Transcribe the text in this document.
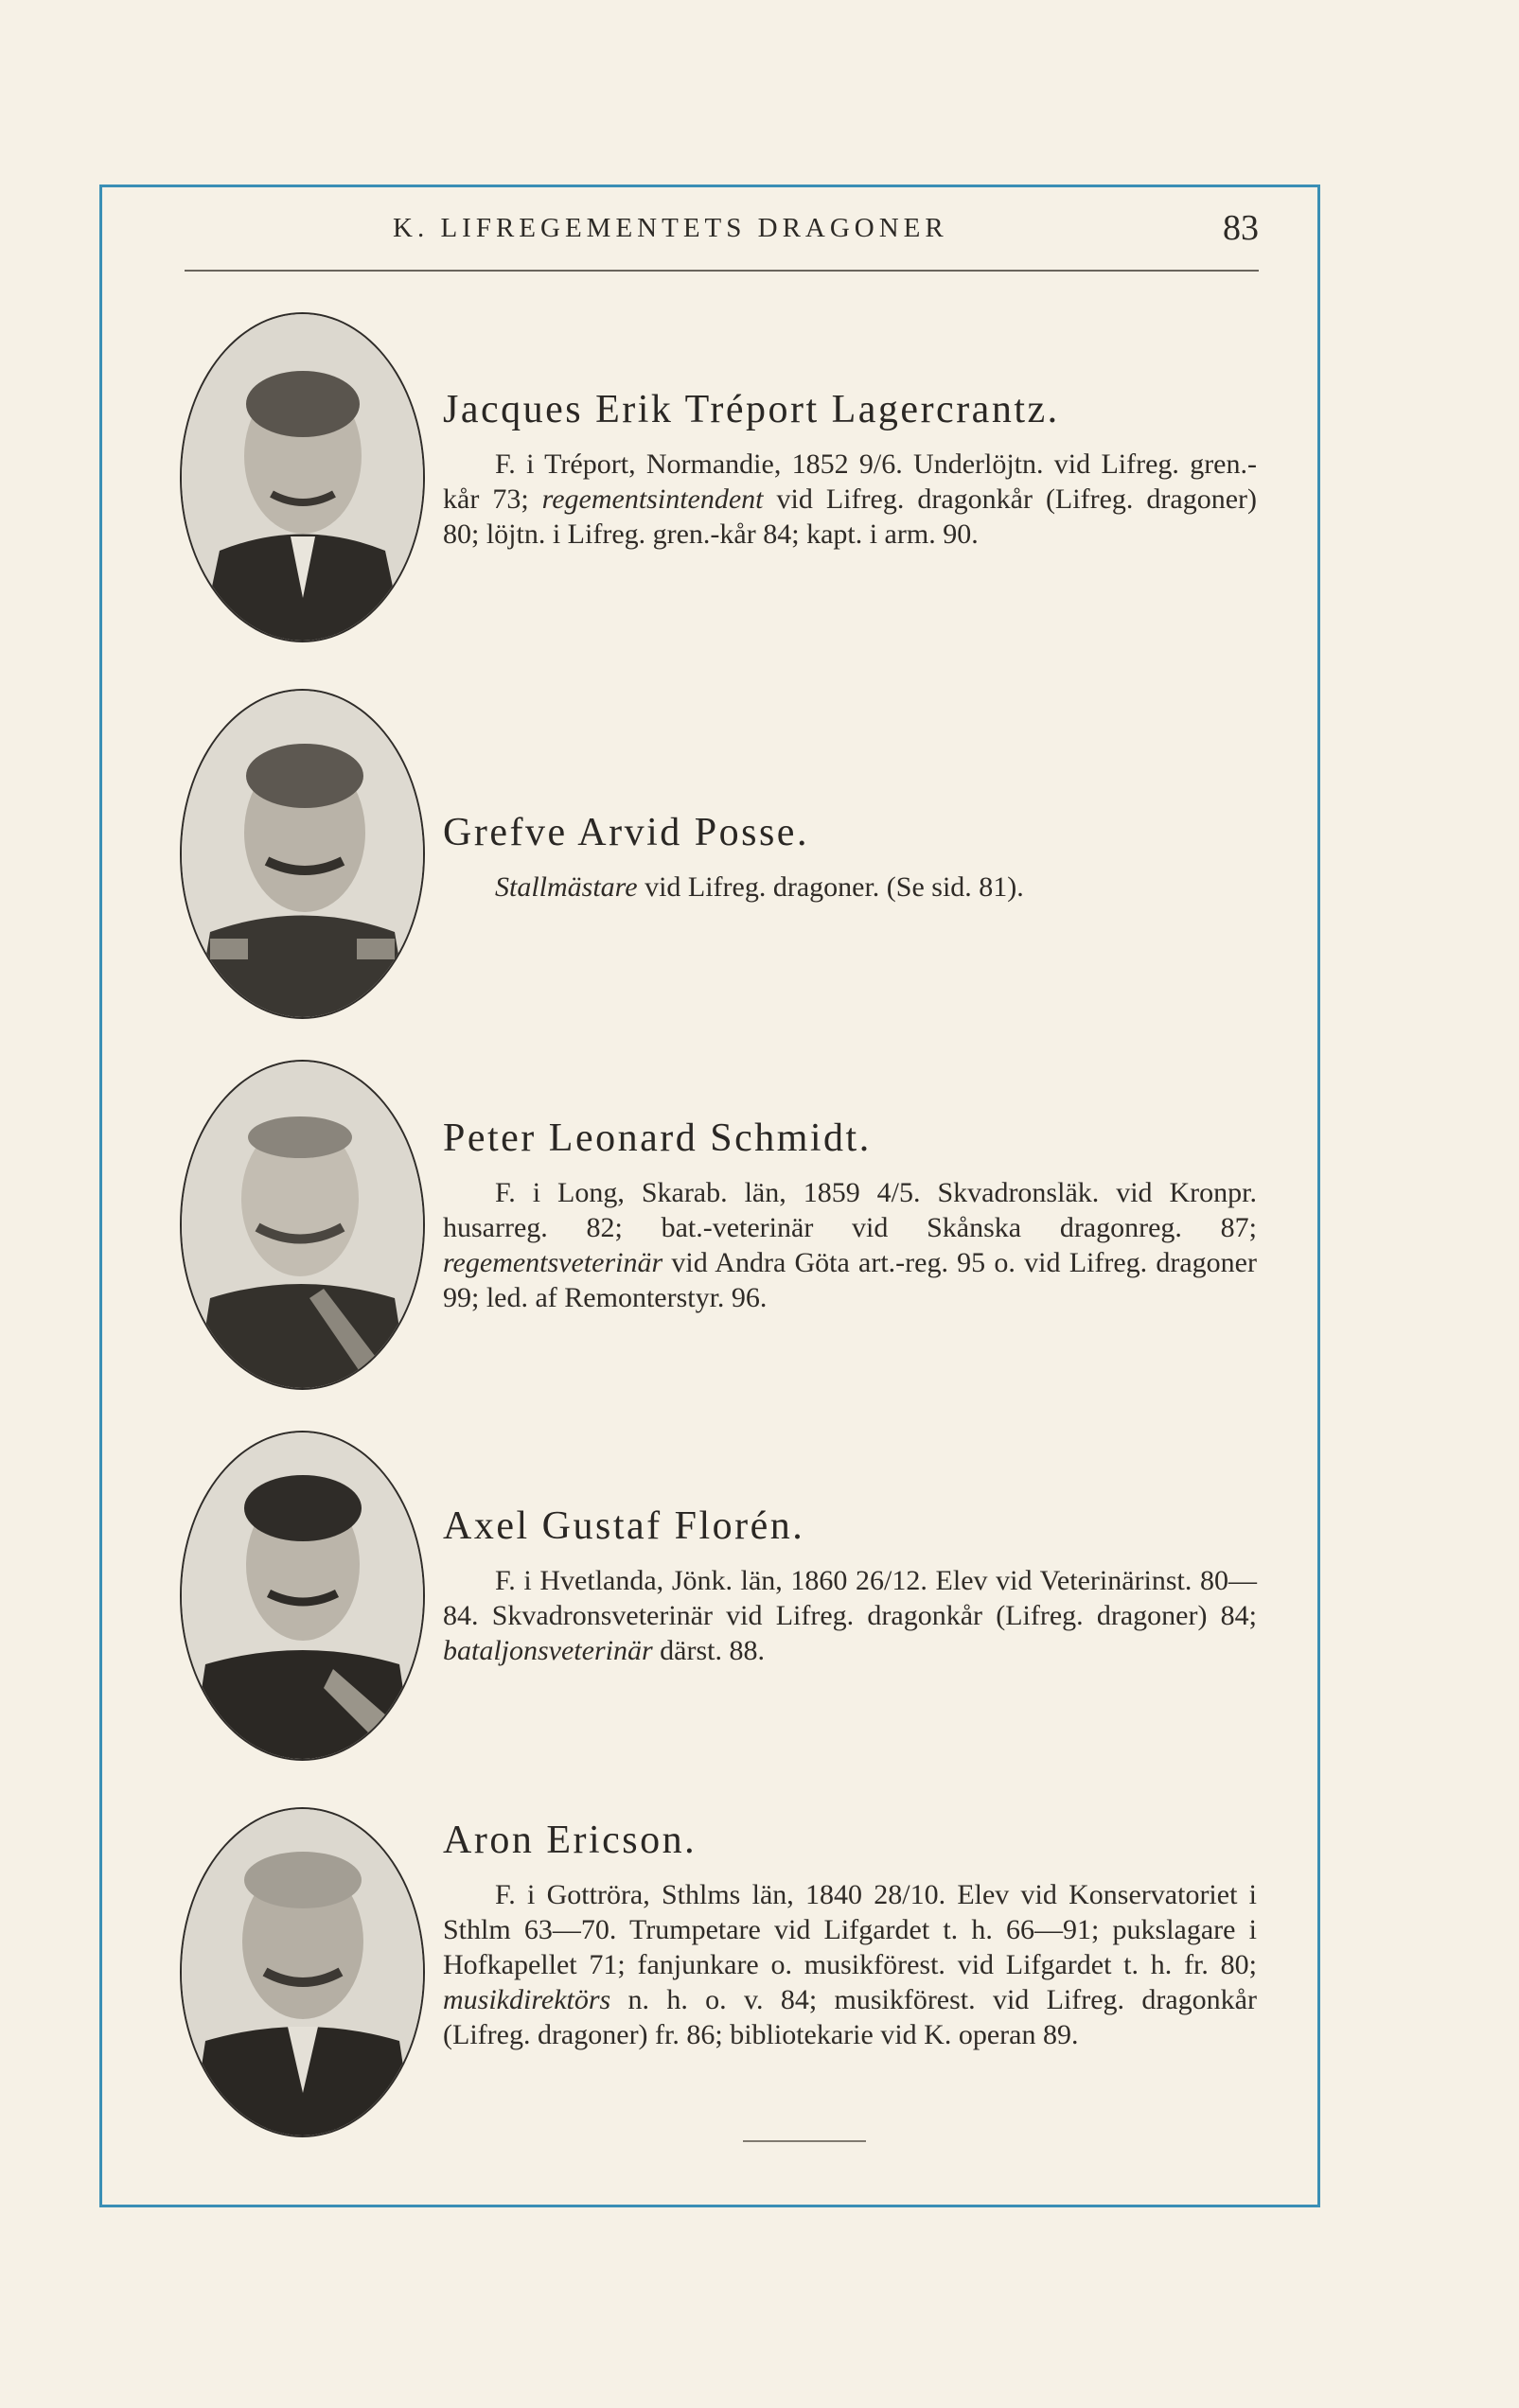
K. LIFREGEMENTETS DRAGONER	83
Jacques Erik Tréport Lagercrantz.
F. i Tréport, Normandie, 1852 9/6. Underlöjtn. vid Lifreg. gren.-kår 73; regementsintendent vid Lifreg. dragonkår (Lifreg. dragoner) 80; löjtn. i Lifreg. gren.-kår 84; kapt. i arm. 90.
Grefve Arvid Posse.
Stallmästare vid Lifreg. dragoner. (Se sid. 81).
Peter Leonard Schmidt.
F. i Long, Skarab. län, 1859 4/5. Skvadronsläk. vid Kronpr. husarreg. 82; bat.-veterinär vid Skånska dragonreg. 87; regementsveterinär vid Andra Göta art.-reg. 95 o. vid Lifreg. dragoner 99; led. af Remonterstyr. 96.
Axel Gustaf Florén.
F. i Hvetlanda, Jönk. län, 1860 26/12. Elev vid Veterinärinst. 80—84. Skvadronsveterinär vid Lifreg. dragonkår (Lifreg. dragoner) 84; bataljonsveterinär därst. 88.
Aron Ericson.
F. i Gottröra, Sthlms län, 1840 28/10. Elev vid Konservatoriet i Sthlm 63—70. Trumpetare vid Lifgardet t. h. 66—91; pukslagare i Hofkapellet 71; fanjunkare o. musikförest. vid Lifgardet t. h. fr. 80; musikdirektörs n. h. o. v. 84; musikförest. vid Lifreg. dragonkår (Lifreg. dragoner) fr. 86; bibliotekarie vid K. operan 89.
